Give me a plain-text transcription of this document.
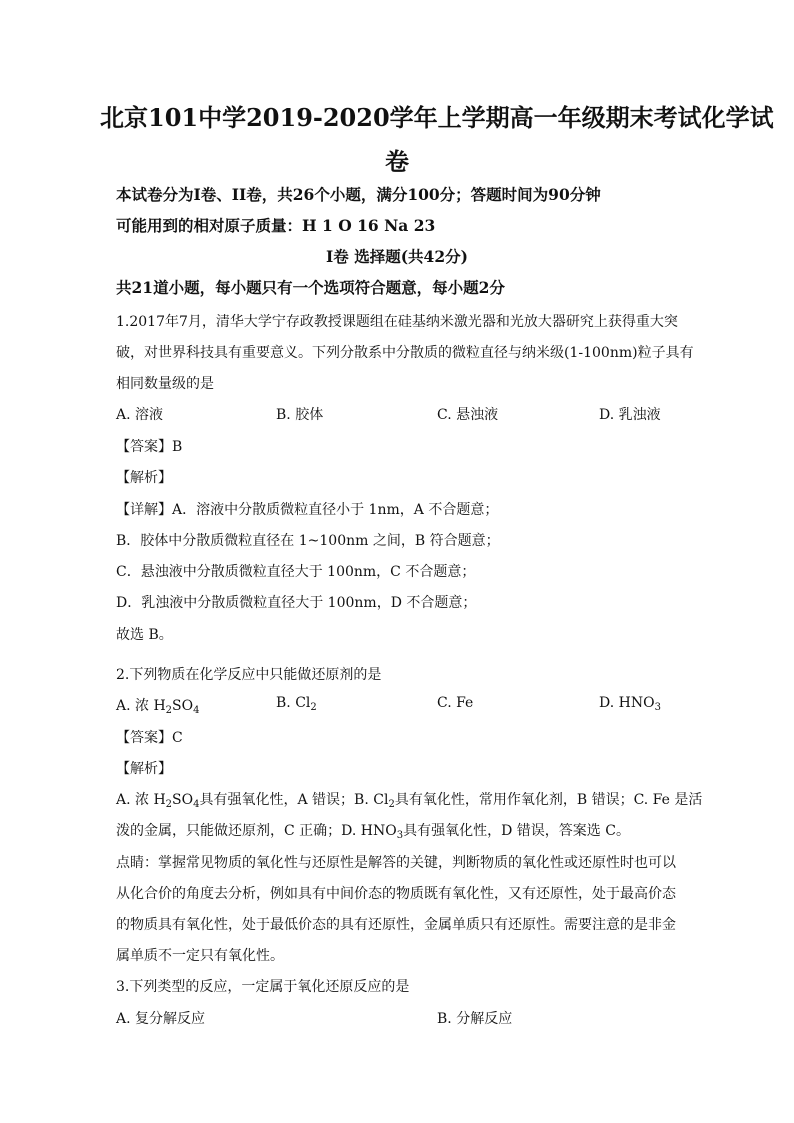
北京101中学2019-2020学年上学期高一年级期末考试化学试
卷
本试卷分为I卷、II卷，共26个小题，满分100分；答题时间为90分钟
可能用到的相对原子质量：H 1 O 16 Na 23
I卷 选择题(共42分)
共21道小题，每小题只有一个选项符合题意，每小题2分
1.2017年7月，清华大学宁存政教授课题组在硅基纳米激光器和光放大器研究上获得重大突
破，对世界科技具有重要意义。下列分散系中分散质的微粒直径与纳米级(1-100nm)粒子具有
相同数量级的是
A. 溶液	B. 胶体	C. 悬浊液	D. 乳浊液
【答案】B
【解析】
【详解】A．溶液中分散质微粒直径小于 1nm，A 不合题意；
B．胶体中分散质微粒直径在 1~100nm 之间，B 符合题意；
C．悬浊液中分散质微粒直径大于 100nm，C 不合题意；
D．乳浊液中分散质微粒直径大于 100nm，D 不合题意；
故选 B。
2.下列物质在化学反应中只能做还原剂的是
A. 浓 $H_2SO_4$	B. $Cl_2$	C. Fe	D. $HNO_3$
【答案】C
【解析】
A. 浓 $H_2SO_4$具有强氧化性，A 错误；B. $Cl_2$具有氧化性，常用作氧化剂，B 错误；C. Fe 是活
泼的金属，只能做还原剂，C 正确；D. $HNO_3$具有强氧化性，D 错误，答案选 C。
点睛：掌握常见物质的氧化性与还原性是解答的关键，判断物质的氧化性或还原性时也可以
从化合价的角度去分析，例如具有中间价态的物质既有氧化性，又有还原性，处于最高价态
的物质具有氧化性，处于最低价态的具有还原性，金属单质只有还原性。需要注意的是非金
属单质不一定只有氧化性。
3.下列类型的反应，一定属于氧化还原反应的是
A. 复分解反应	B. 分解反应
